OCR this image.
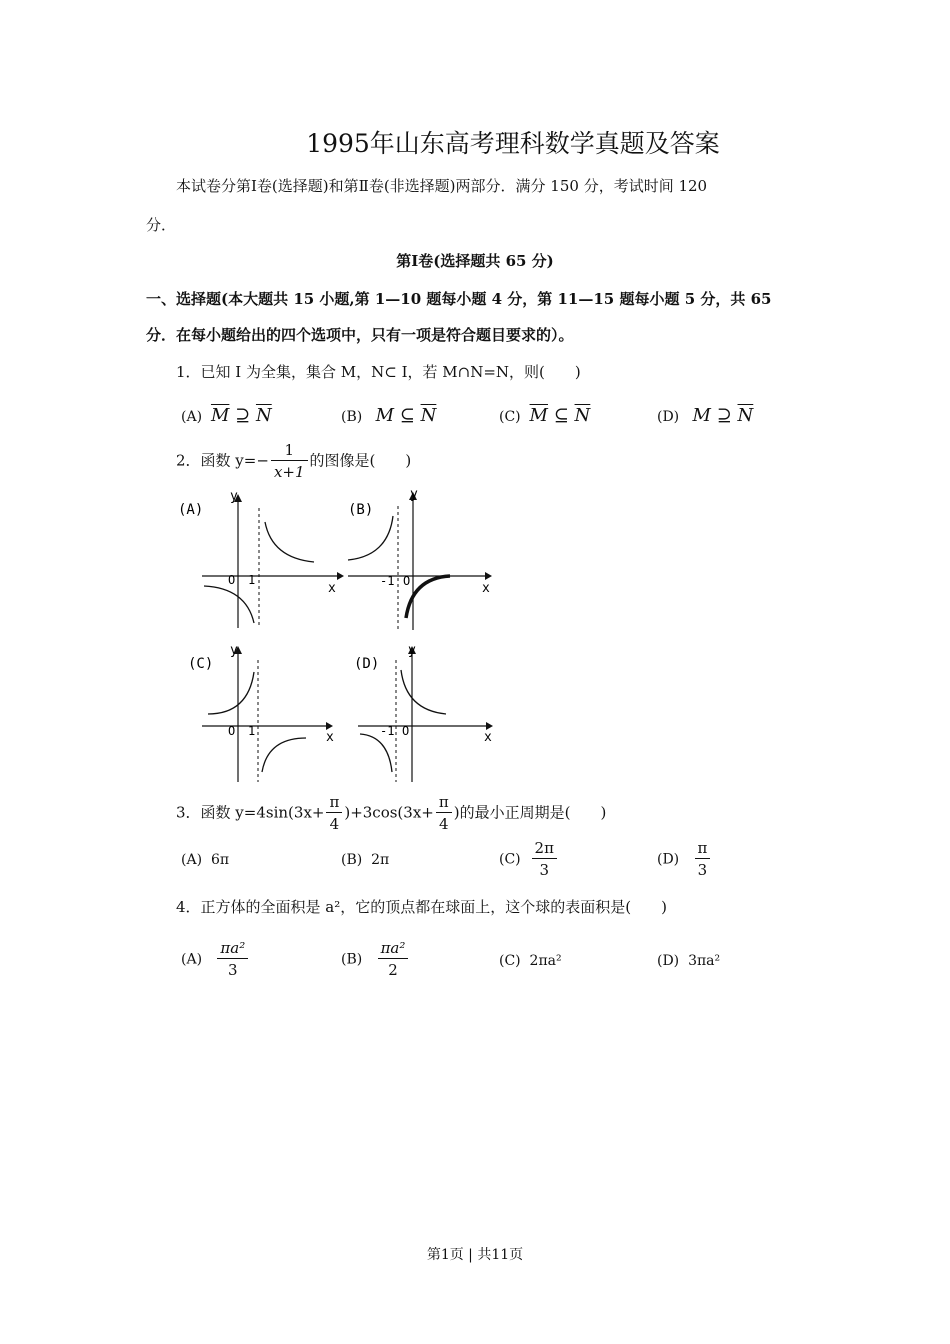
1995年山东高考理科数学真题及答案
本试卷分第Ⅰ卷(选择题)和第Ⅱ卷(非选择题)两部分．满分 150 分，考试时间 120
分．
第Ⅰ卷(选择题共 65 分)
一、选择题(本大题共 15 小题,第 1—10 题每小题 4 分，第 11—15 题每小题 5 分，共 65
分．在每小题给出的四个选项中，只有一项是符合题目要求的）。
1．已知 I 为全集，集合 M，N⊂ I，若 M∩N=N，则(　　)
(A) $\overline{M}$ ⊇ $\overline{N}$	(B) M ⊆ $\overline{N}$	(C) $\overline{M}$ ⊆ $\overline{N}$	(D) M ⊇ $\overline{N}$
2．函数 $y=- \frac{1}{x+1}$ 的图像是(　　)
(A)
x
y
O 1
(B)
x
y
O
-1
(C)
x
y
O 1
(D)
x
y
O
-1
3．函数 $y=4\sin(3x+ \frac{\pi}{4} )+3\cos(3x+ \frac{\pi}{4}$ )的最小正周期是(　　)
(A) 6π	(B) 2π	$(C) \frac{2\pi}{3}$	$(D) \frac{\pi}{3}$
4．正方体的全面积是 a²，它的顶点都在球面上，这个球的表面积是(　　)
$(A) \frac{\text{πa²}}{3}$	$(B) \frac{\text{πa²}}{2}$	(C) 2πa²	(D) 3πa²
第1页 | 共11页
